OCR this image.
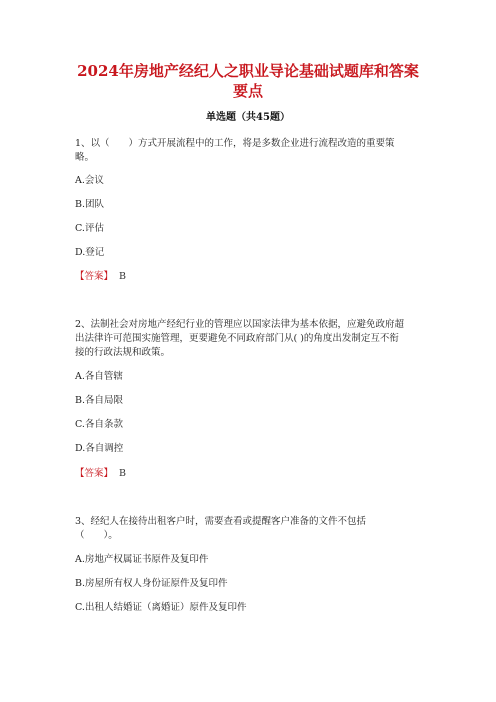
2024年房地产经纪人之职业导论基础试题库和答案
要点
单选题（共45题）
1、以（　　）方式开展流程中的工作，将是多数企业进行流程改造的重要策
略。
A.会议
B.团队
C.评估
D.登记
【答案】 B
2、法制社会对房地产经纪行业的管理应以国家法律为基本依据，应避免政府超
出法律许可范围实施管理，更要避免不同政府部门从( )的角度出发制定互不衔
接的行政法规和政策。
A.各自管辖
B.各自局限
C.各自条款
D.各自调控
【答案】 B
3、经纪人在接待出租客户时，需要查看或提醒客户准备的文件不包括
（　　）。
A.房地产权属证书原件及复印件
B.房屋所有权人身份证原件及复印件
C.出租人结婚证（离婚证）原件及复印件
